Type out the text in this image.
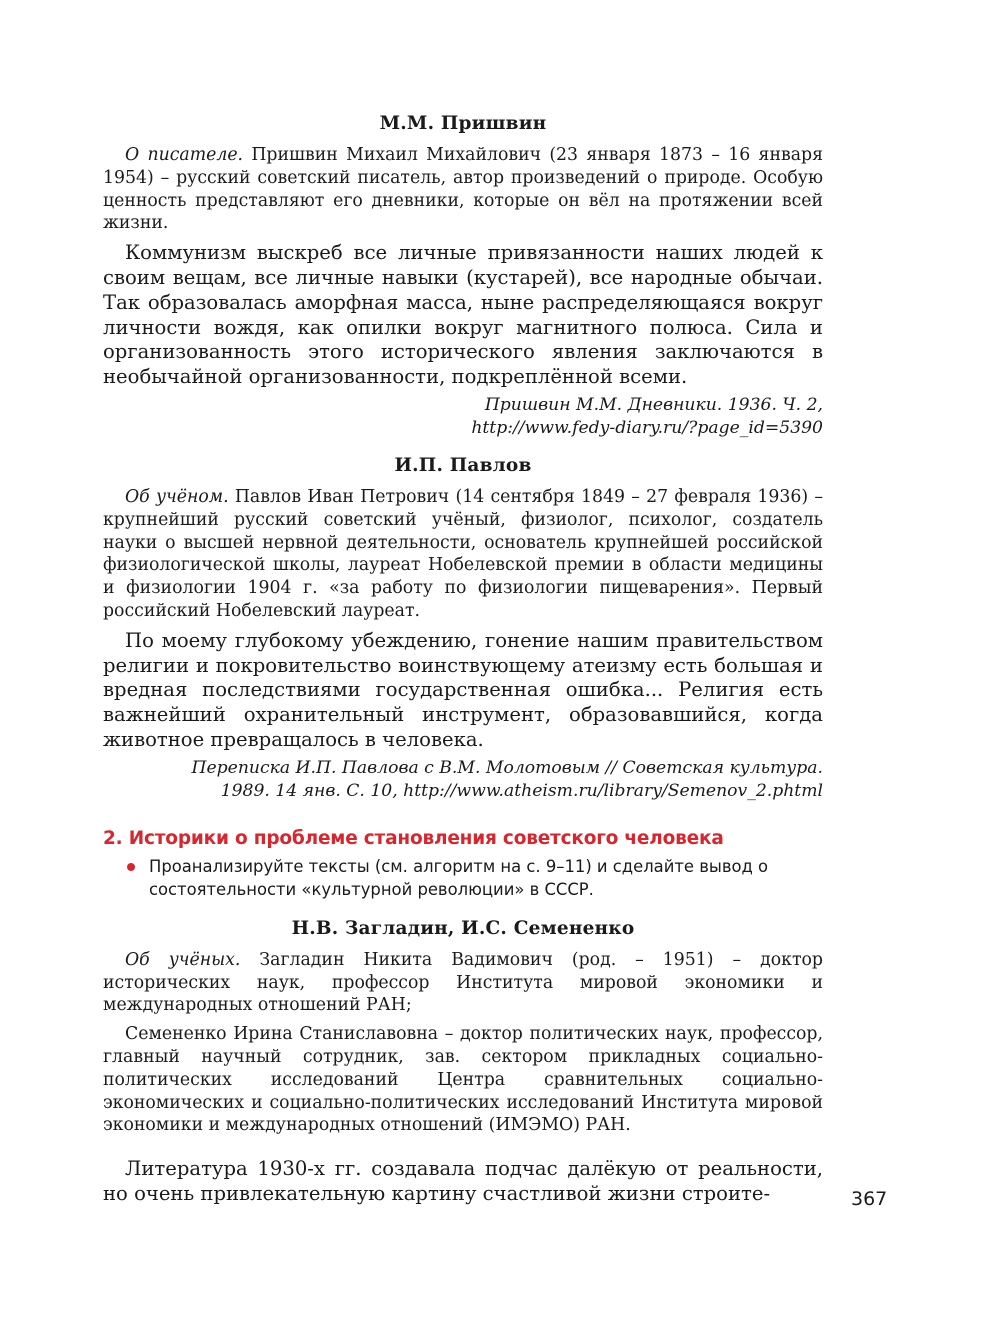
М.М. Пришвин

О писателе. Пришвин Михаил Михайлович (23 января 1873 – 16 января 1954) – русский советский писатель, автор произведений о природе. Особую ценность представляют его дневники, которые он вёл на протяжении всей жизни.

Коммунизм выскреб все личные привязанности наших людей к своим вещам, все личные навыки (кустарей), все народные обычаи. Так образовалась аморфная масса, ныне распределяющаяся вокруг личности вождя, как опилки вокруг магнитного полюса. Сила и организованность этого исторического явления заключаются в необычайной организованности, подкреплённой всеми.

Пришвин М.М. Дневники. 1936. Ч. 2,
http://www.fedy-diary.ru/?page_id=5390
И.П. Павлов

Об учёном. Павлов Иван Петрович (14 сентября 1849 – 27 февраля 1936) – крупнейший русский советский учёный, физиолог, психолог, создатель науки о высшей нервной деятельности, основатель крупнейшей российской физиологической школы, лауреат Нобелевской премии в области медицины и физиологии 1904 г. «за работу по физиологии пищеварения». Первый российский Нобелевский лауреат.

По моему глубокому убеждению, гонение нашим правительством религии и покровительство воинствующему атеизму есть большая и вредная последствиями государственная ошибка... Религия есть важнейший охранительный инструмент, образовавшийся, когда животное превращалось в человека.

Переписка И.П. Павлова с В.М. Молотовым // Советская культура.
1989. 14 янв. С. 10, http://www.atheism.ru/library/Semenov_2.phtml
2. Историки о проблеме становления советского человека
Проанализируйте тексты (см. алгоритм на с. 9–11) и сделайте вывод о состоятельности «культурной революции» в СССР.
Н.В. Загладин, И.С. Семененко

Об учёных. Загладин Никита Вадимович (род. – 1951) – доктор исторических наук, профессор Института мировой экономики и международных отношений РАН;

Семененко Ирина Станиславовна – доктор политических наук, профессор, главный научный сотрудник, зав. сектором прикладных социально-политических исследований Центра сравнительных социально-экономических и социально-политических исследований Института мировой экономики и международных отношений (ИМЭМО) РАН.

Литература 1930-х гг. создавала подчас далёкую от реальности, но очень привлекательную картину счастливой жизни строите-	367
